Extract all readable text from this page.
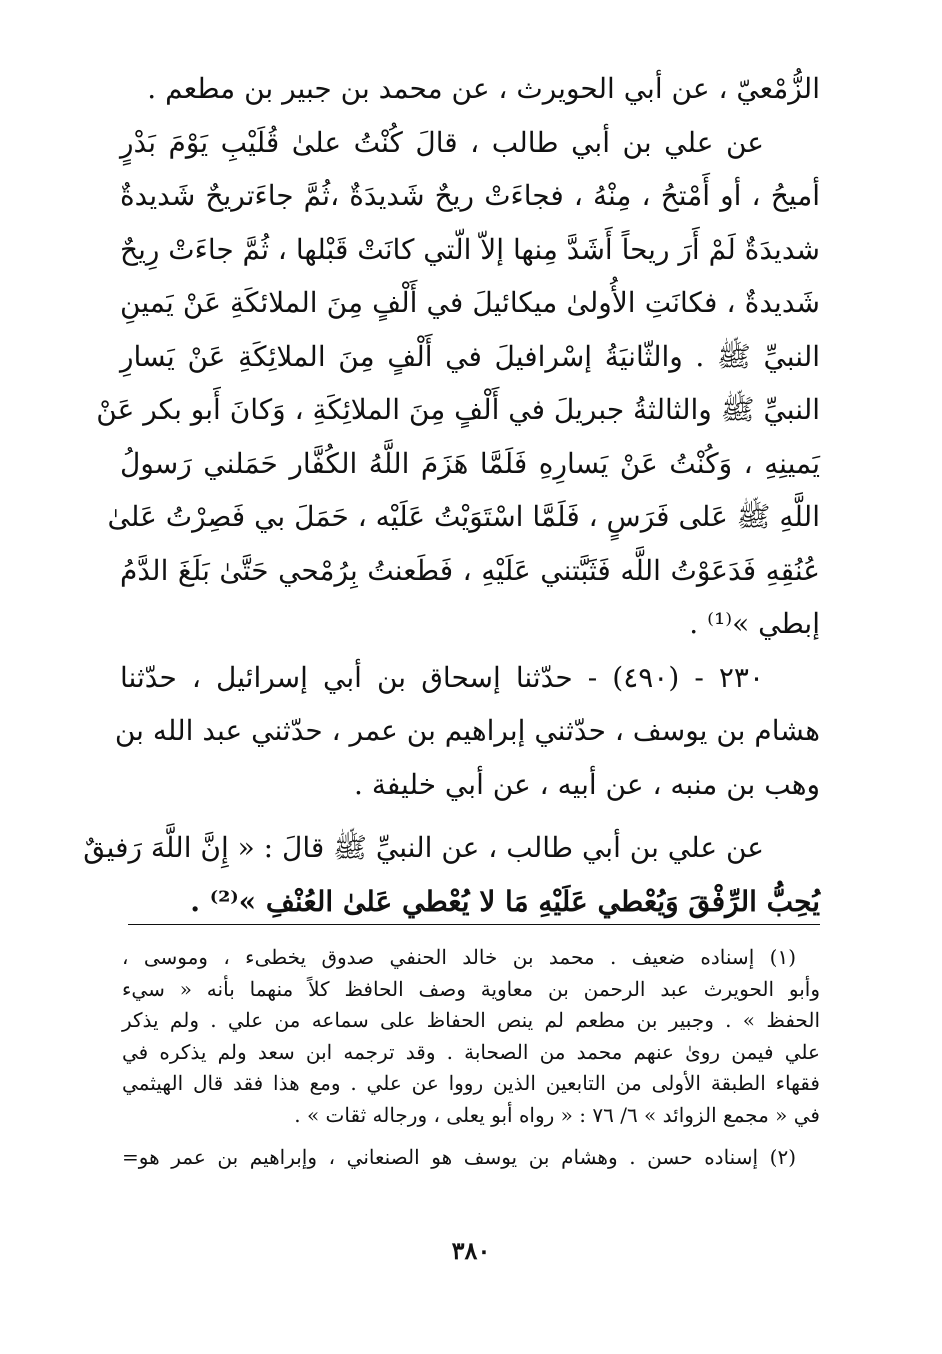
الزُّمْعيّ ، عن أبي الحويرث ، عن محمد بن جبير بن مطعم .
عن علي بن أبي طالب ، قالَ كُنْتُ علىٰ قُلَيْبِ يَوْمَ بَدْرٍ
أميحُ ، أو أَمْتحُ ، مِنْهُ ، فجاءَتْ ريحٌ شَديدَةٌ ،ثُمَّ جاءَتريحٌ شَديدةٌ
شديدَةٌ لَمْ أَرَ ريحاً أَشَدَّ مِنها إلاّ الّتي كانَتْ قَبْلها ، ثُمَّ جاءَتْ رِيحٌ
شَديدةٌ ، فكانَتِ الأُولىٰ ميكائيلَ في أَلْفٍ مِنَ الملائكَةِ عَنْ يَمينِ
النبيِّ ﷺ . والثّانيَةُ إسْرافيلَ في أَلْفٍ مِنَ الملائِكَةِ عَنْ يَسارِ
النبيِّ ﷺ والثالثةُ جبريلَ في أَلْفٍ مِنَ الملائِكَةِ ، وَكانَ أَبو بكر عَنْ
يَمينِهِ ، وَكُنْتُ عَنْ يَسارِهِ فَلَمَّا هَزَمَ اللَّهُ الكُفَّار حَمَلني رَسولُ
اللَّهِ ﷺ عَلى فَرَسٍ ، فَلَمَّا اسْتَوَيْتُ عَلَيْه ، حَمَلَ بي فَصِرْتُ عَلىٰ
عُنُقِهِ فَدَعَوْتُ اللَّه فَثَبَّتني عَلَيْهِ ، فَطَعنتُ بِرُمْحي حَتَّىٰ بَلَغَ الدَّمُ
إبطي »⁽¹⁾ .
٢٣٠ - (٤٩٠) - حدّثنا إسحاق بن أبي إسرائيل ، حدّثنا
هشام بن يوسف ، حدّثني إبراهيم بن عمر ، حدّثني عبد الله بن
وهب بن منبه ، عن أبيه ، عن أبي خليفة .
عن علي بن أبي طالب ، عن النبيِّ ﷺ قالَ : « إِنَّ اللَّهَ رَفيقٌ
يُحِبُّ الرِّفْقَ وَيُعْطي عَلَيْهِ مَا لا يُعْطي عَلىٰ العُنْفِ »⁽²⁾ .
(١) إسناده ضعيف . محمد بن خالد الحنفي صدوق يخطىء ، وموسى ،
وأبو الحويرث عبد الرحمن بن معاوية وصف الحافظ كلاً منهما بأنه « سيء
الحفظ » . وجبير بن مطعم لم ينص الحفاظ على سماعه من علي . ولم يذكر
علي فيمن روىٰ عنهم محمد من الصحابة . وقد ترجمه ابن سعد ولم يذكره في
فقهاء الطبقة الأولى من التابعين الذين رووا عن علي . ومع هذا فقد قال الهيثمي
في « مجمع الزوائد » ٦/ ٧٦ : « رواه أبو يعلى ، ورجاله ثقات » .
(٢) إسناده حسن . وهشام بن يوسف هو الصنعاني ، وإبراهيم بن عمر هو=
٣٨٠
